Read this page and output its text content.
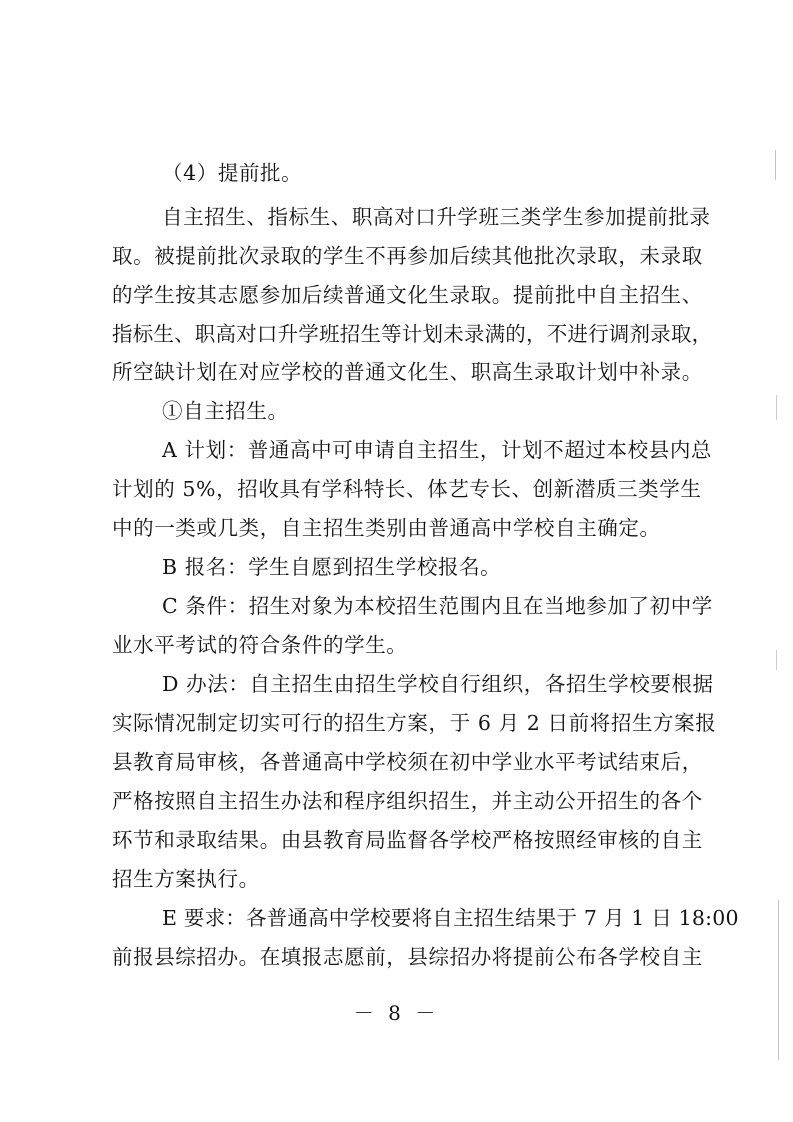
（4）提前批。
自主招生、指标生、职高对口升学班三类学生参加提前批录
取。被提前批次录取的学生不再参加后续其他批次录取，未录取
的学生按其志愿参加后续普通文化生录取。提前批中自主招生、
指标生、职高对口升学班招生等计划未录满的，不进行调剂录取，
所空缺计划在对应学校的普通文化生、职高生录取计划中补录。
①自主招生。
A 计划：普通高中可申请自主招生，计划不超过本校县内总
计划的 5%，招收具有学科特长、体艺专长、创新潜质三类学生
中的一类或几类，自主招生类别由普通高中学校自主确定。
B 报名：学生自愿到招生学校报名。
C 条件：招生对象为本校招生范围内且在当地参加了初中学
业水平考试的符合条件的学生。
D 办法：自主招生由招生学校自行组织，各招生学校要根据
实际情况制定切实可行的招生方案，于 6 月 2 日前将招生方案报
县教育局审核，各普通高中学校须在初中学业水平考试结束后，
严格按照自主招生办法和程序组织招生，并主动公开招生的各个
环节和录取结果。由县教育局监督各学校严格按照经审核的自主
招生方案执行。
E 要求：各普通高中学校要将自主招生结果于 7 月 1 日 18:00
前报县综招办。在填报志愿前，县综招办将提前公布各学校自主
－ 8 －
